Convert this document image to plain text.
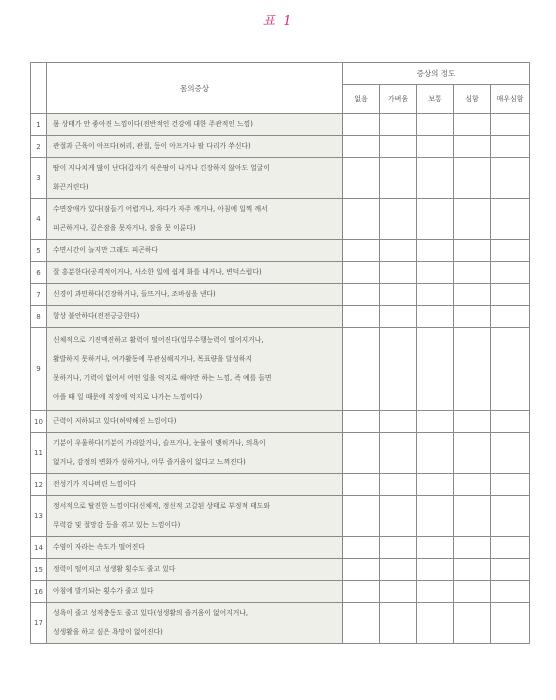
표 1
	몸의증상	증상의 정도				
		없음	가벼움	보통	심함	매우심함
1	몸 상태가 안 좋아진 느낌이다(전반적인 건강에 대한 주관적인 느낌)					

2	관절과 근육이 아프다(허리, 관절, 등이 아프거나 팔 다리가 쑤신다)					

3	땀이 지나치게 많이 난다(갑자기 식은땀이 나거나 긴장하지 않아도 얼굴이
화끈거린다)					

4	수면장애가 있다(잠들기 어렵거나, 자다가 자주 깨거나, 아침에 일찍 깨서
피곤하거나, 깊은잠을 못자거나, 잠을 못 이룬다)					

5	수면시간이 늘지만 그래도 피곤하다					

6	잘 흥분한다(공격적이거나, 사소한 일에 쉽게 화를 내거나, 변덕스럽다)					

7	신경이 과민하다(긴장하거나, 들뜨거나, 조바심을 낸다)					

8	항상 불안하다(전전긍긍한다)					

9	신체적으로 기진맥진하고 활력이 떨어진다(업무수행능력이 떨어지거나,
활발하지 못하거나, 여가활동에 무관심해지거나, 목표량을 달성하지
못하거나, 기력이 없어서 어떤 일을 억지로 해야만 하는 느낌, 즉 예를 들면
아플 때 일 때문에 직장에 억지로 나가는 느낌이다)					

10	근력이 저하되고 있다(허약해진 느낌이다)					

11	기분이 우울하다(기분이 가라앉거나, 슬프거나, 눈물이 맺히거나, 의욕이
없거나, 감정의 변화가 심하거나, 아무 즐거움이 없다고 느껴진다)					

12	전성기가 지나버린 느낌이다					

13	정서적으로 탈진한 느낌이다(신체적, 정신적 고갈된 상태로 부정적 태도와
무력감 및 절망감 등을 겪고 있는 느낌이다)					

14	수염이 자라는 속도가 떨어진다					

15	정력이 떨어지고 성생활 횟수도 줄고 있다					

16	아침에 발기되는 횟수가 줄고 있다					

17	성욕이 줄고 성적충동도 줄고 있다(성생활의 즐거움이 없어지거나,
성생활을 하고 싶은 욕망이 없어진다)					
